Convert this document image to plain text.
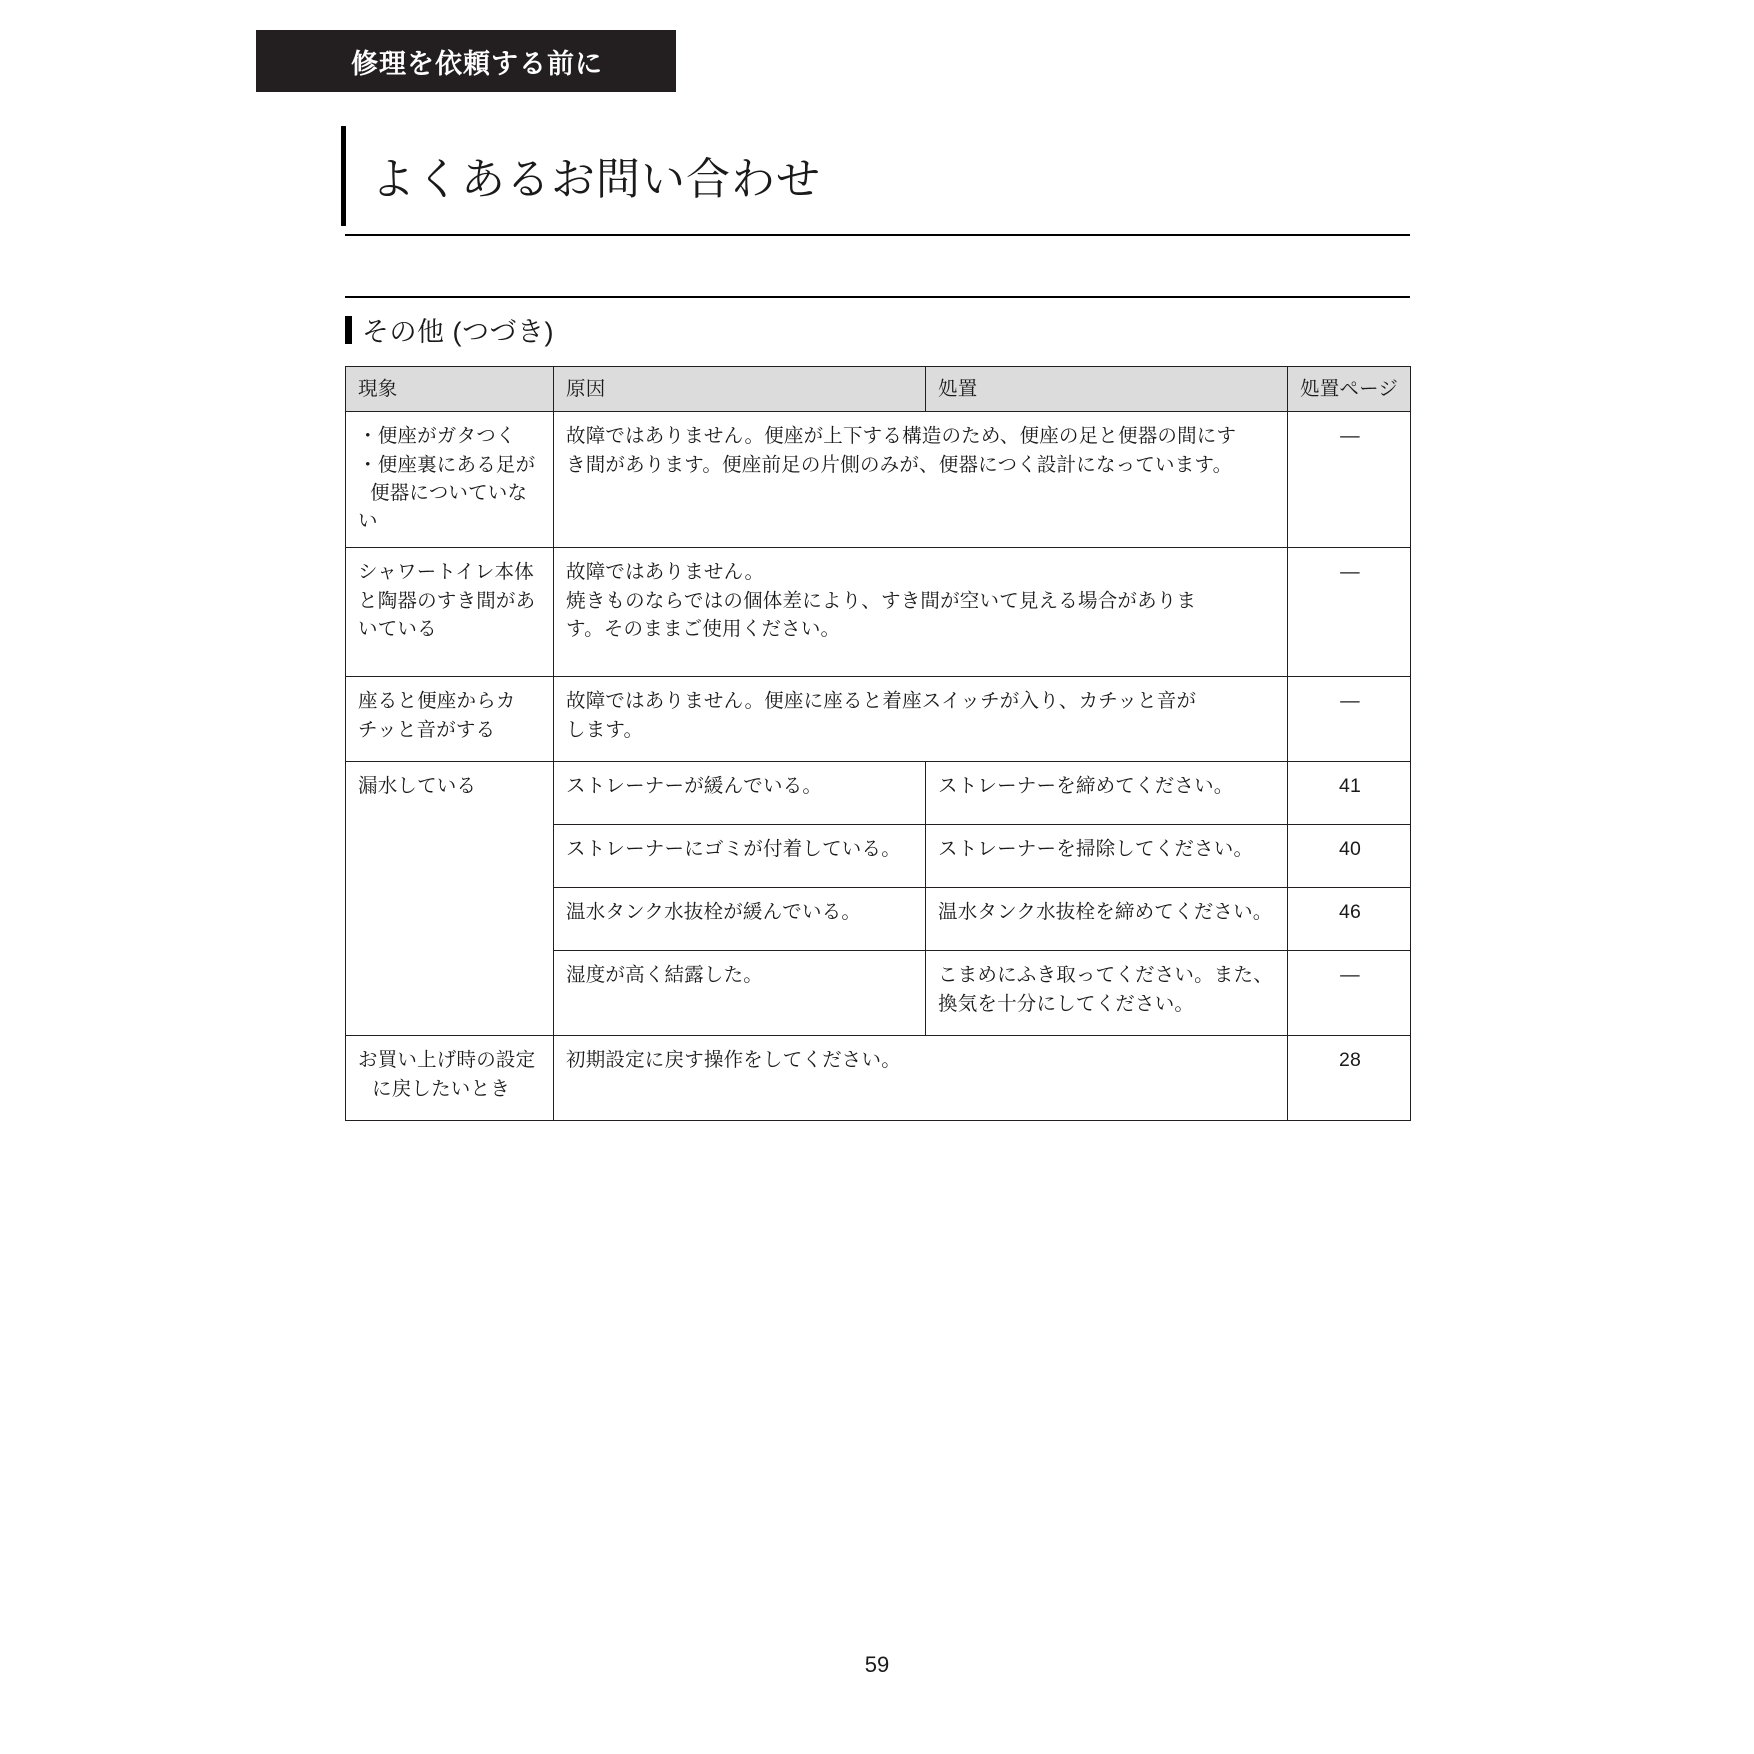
修理を依頼する前に
よくあるお問い合わせ
その他 (つづき)
現象	原因	処置	処置ページ

・便座がガタつく
・便座裏にある足が
便器についていな
い	故障ではありません。便座が上下する構造のため、便座の足と便器の間にす
き間があります。便座前足の片側のみが、便器につく設計になっています。		—
シャワートイレ本体
と陶器のすき間があ
いている	故障ではありません。
焼きものならではの個体差により、すき間が空いて見える場合がありま
す。そのままご使用ください。		—
座ると便座からカ
チッと音がする	故障ではありません。便座に座ると着座スイッチが入り、カチッと音が
します。		—
漏水している	ストレーナーが緩んでいる。	ストレーナーを締めてください。	41
	ストレーナーにゴミが付着している。	ストレーナーを掃除してください。	40
	温水タンク水抜栓が緩んでいる。	温水タンク水抜栓を締めてください。	46
	湿度が高く結露した。	こまめにふき取ってください。また、
換気を十分にしてください。	—
お買い上げ時の設定
に戻したいとき	初期設定に戻す操作をしてください。		28
59
